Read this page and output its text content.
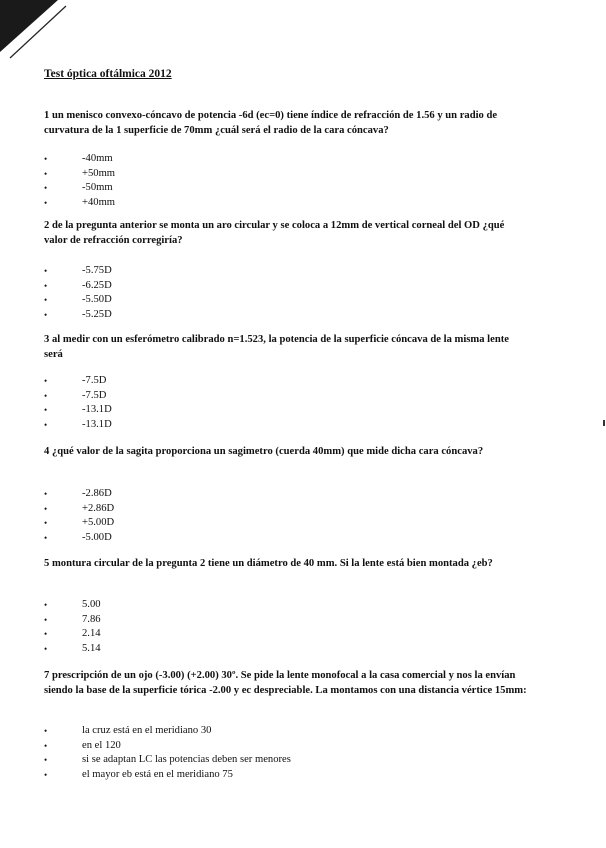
Test óptica oftálmica 2012
1 un menisco convexo-cóncavo de potencia -6d (ec=0) tiene índice de refracción de 1.56 y un radio de curvatura de la 1 superficie de 70mm ¿cuál será el radio de la cara cóncava?
•	-40mm
•	+50mm
•	-50mm
•	+40mm
2 de la pregunta anterior se monta un aro circular y se coloca a 12mm de vertical corneal del OD ¿qué valor de refracción corregiría?
•	-5.75D
•	-6.25D
•	-5.50D
•	-5.25D
3 al medir con un esferómetro calibrado n=1.523, la potencia de la superficie cóncava de la misma lente será
•	-7.5D
•	-7.5D
•	-13.1D
•	-13.1D
4 ¿qué valor de la sagita proporciona un sagimetro (cuerda 40mm) que mide dicha cara cóncava?
•	-2.86D
•	+2.86D
•	+5.00D
•	-5.00D
5 montura circular de la pregunta 2 tiene un diámetro de 40 mm. Si la lente está bien montada ¿eb?
•	5.00
•	7.86
•	2.14
•	5.14
7 prescripción de un ojo (-3.00) (+2.00) 30º. Se pide la lente monofocal a la casa comercial y nos la envían siendo la base de la superficie tórica -2.00 y ec despreciable. La montamos con una distancia vértice 15mm:
•	la cruz está en el meridiano 30
•	en el 120
•	si se adaptan LC las potencias deben ser menores
•	el mayor eb está en el meridiano 75
